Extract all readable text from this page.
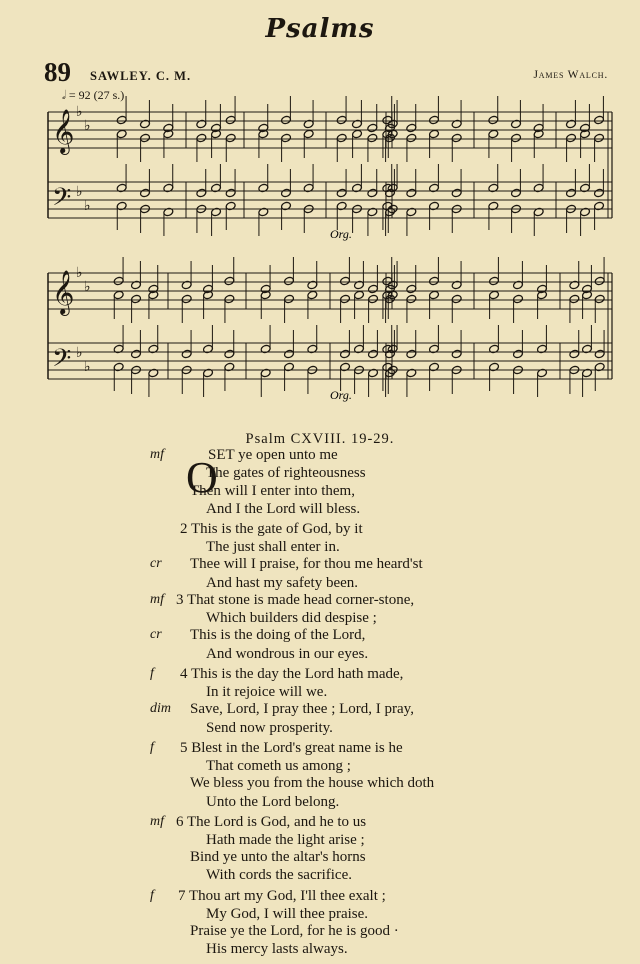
Psalms
89 SAWLEY. C. M.	James Walch.
𝅗𝅥 = 92 (27 s.)
𝄞
𝄢
♭
♭
♭
♭
𝄞
𝄢
♭
♭
♭
♭
Org.
Org.
Psalm CXVIII. 19-29.
O
mf
cr
mf
cr
f
dim
f
mf
f
SET ye open unto me
The gates of righteousness
Then will I enter into them,
And I the Lord will bless.
2 This is the gate of God, by it
The just shall enter in.
Thee will I praise, for thou me heard'st
And hast my safety been.
3 That stone is made head corner-stone,
Which builders did despise ;
This is the doing of the Lord,
And wondrous in our eyes.
4 This is the day the Lord hath made,
In it rejoice will we.
Save, Lord, I pray thee ; Lord, I pray,
Send now prosperity.
5 Blest in the Lord's great name is he
That cometh us among ;
We bless you from the house which doth
Unto the Lord belong.
6 The Lord is God, and he to us
Hath made the light arise ;
Bind ye unto the altar's horns
With cords the sacrifice.
7 Thou art my God, I'll thee exalt ;
My God, I will thee praise.
Praise ye the Lord, for he is good ·
His mercy lasts always.
